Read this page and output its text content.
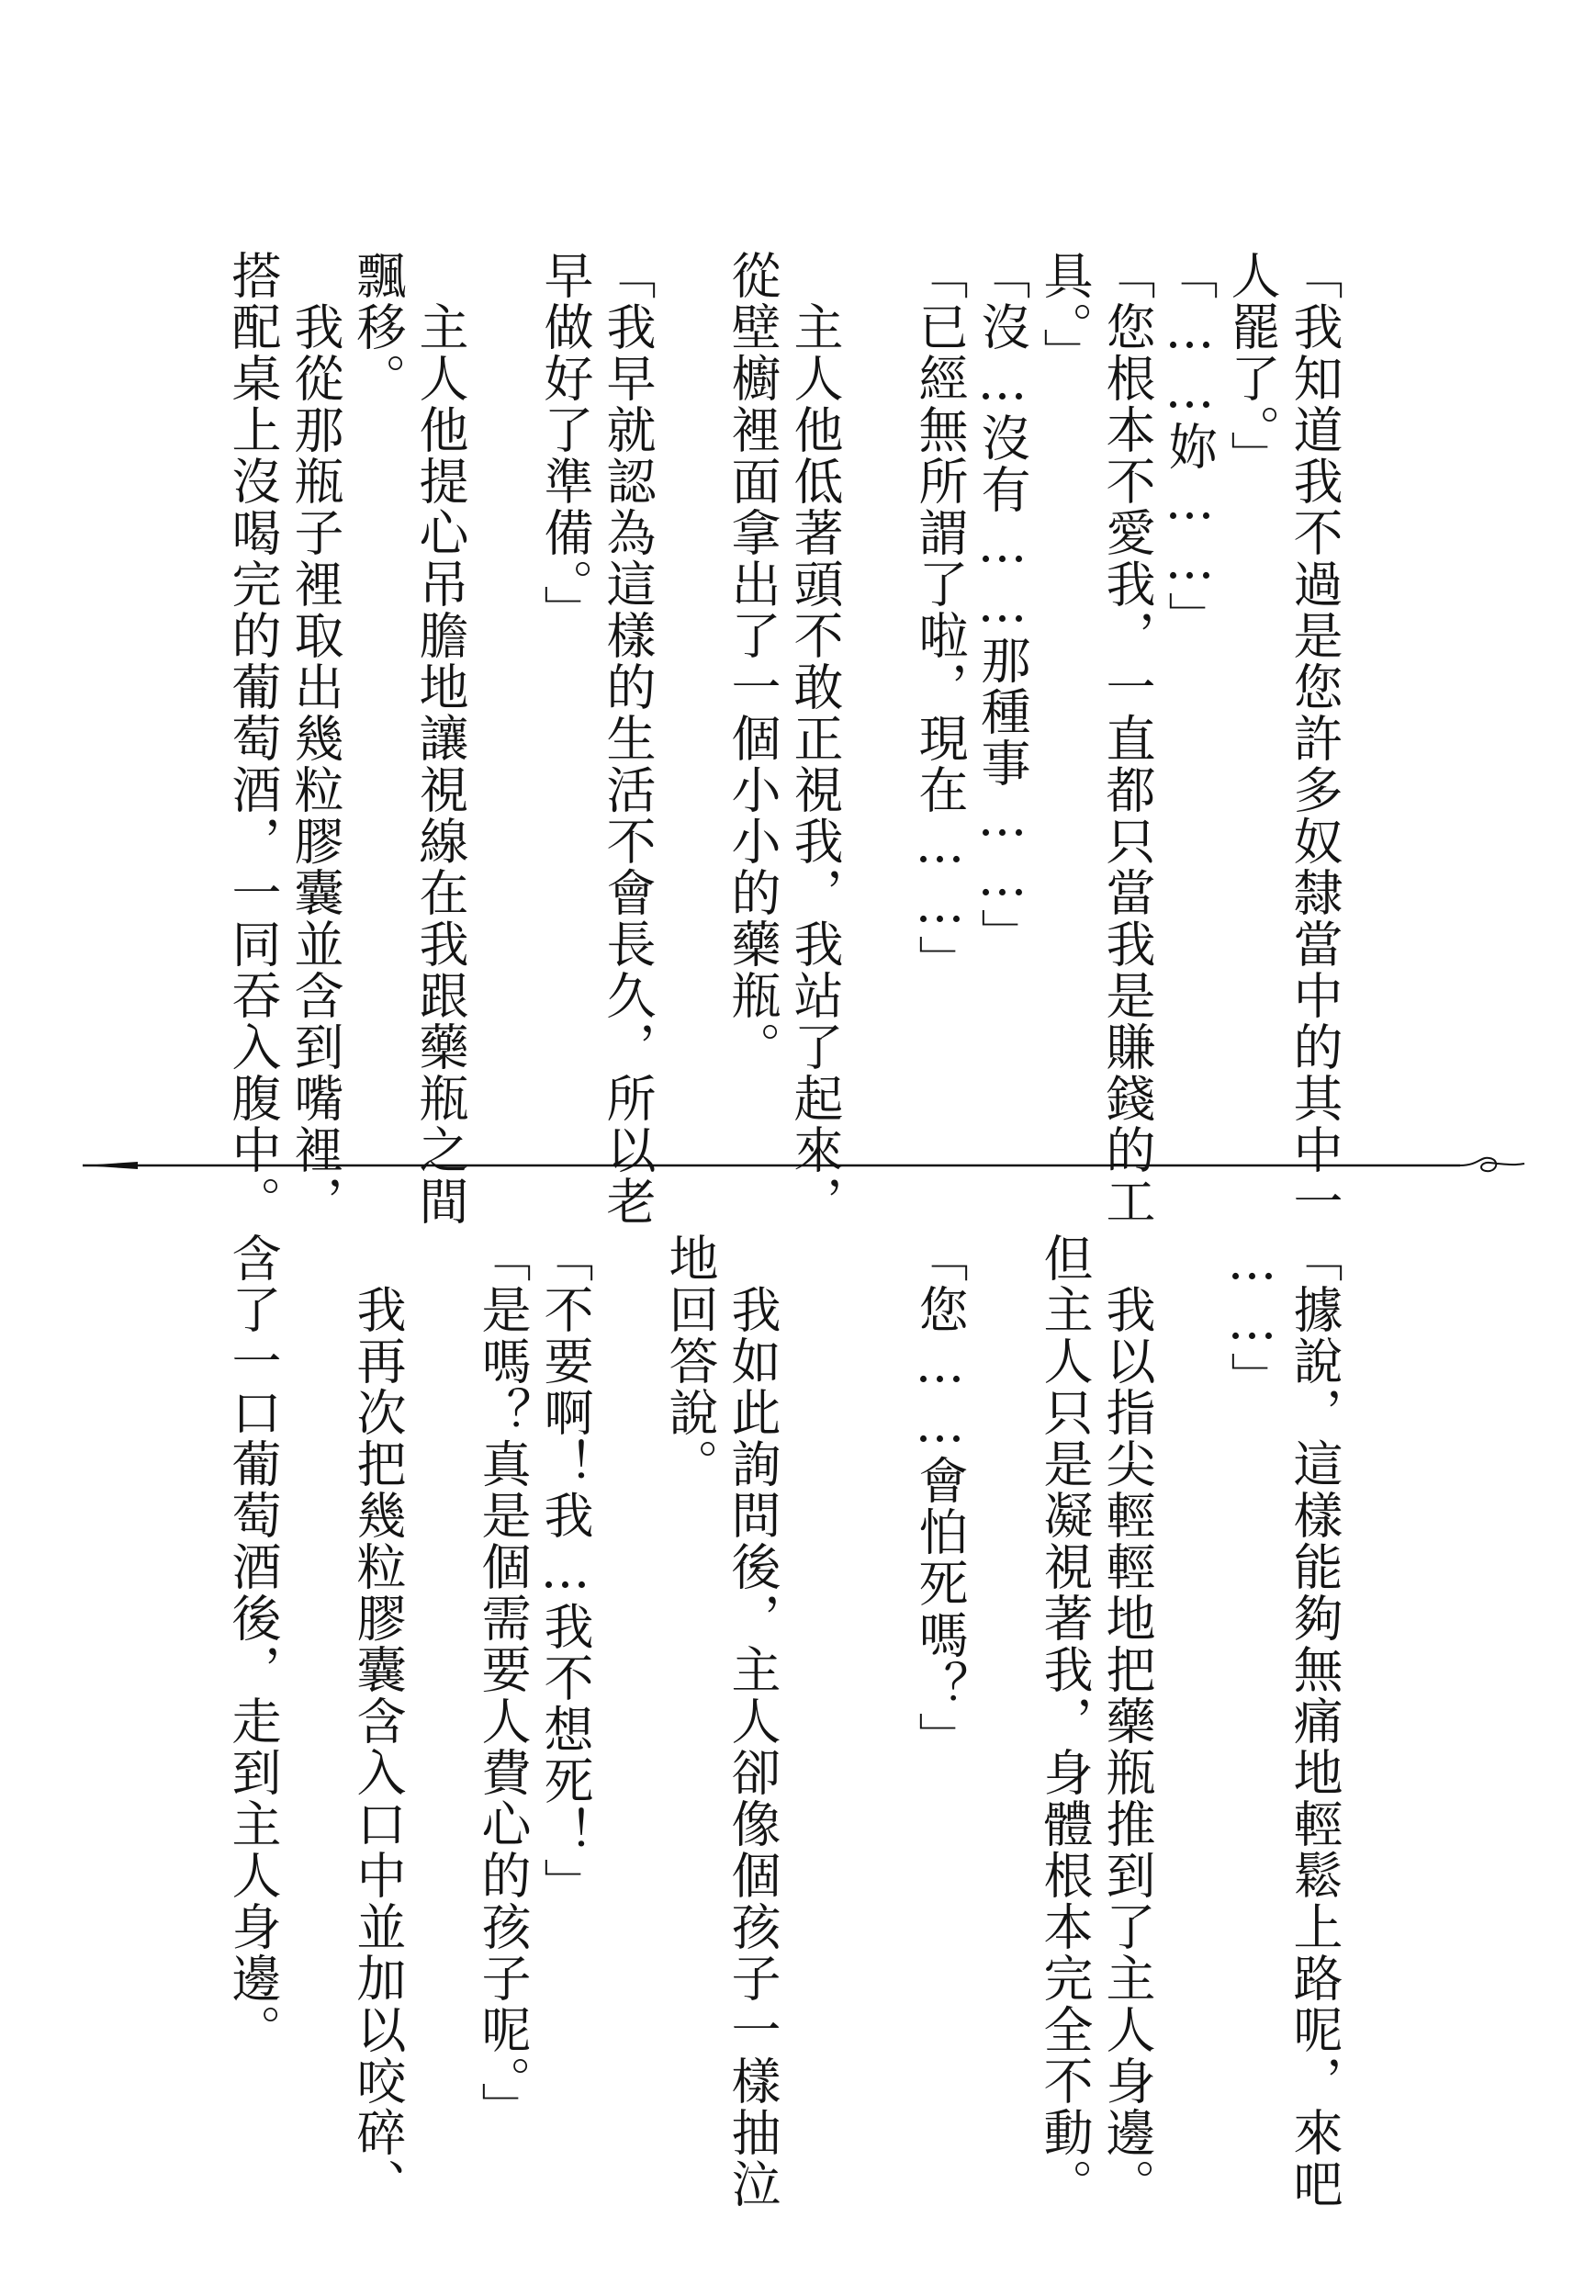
「我知道我不過是您許多奴隸當中的其中一
人罷了。」
「……妳……」
「您根本不愛我，一直都只當我是賺錢的工
具。」
「沒…沒有……那種事……」
「已經無所謂了啦，現在……」
　主人他低著頭不敢正視我，我站了起來，
從壁櫥裡面拿出了一個小小的藥瓶。
「我早就認為這樣的生活不會長久，所以老
早做好了準備。」
　主人他提心吊膽地讓視線在我跟藥瓶之間
飄移。
　我從那瓶子裡取出幾粒膠囊並含到嘴裡，
搭配桌上沒喝完的葡萄酒，一同吞入腹中。
「據說，這樣能夠無痛地輕鬆上路呢，來吧
……」
　我以指尖輕輕地把藥瓶推到了主人身邊。
但主人只是凝視著我，身體根本完全不動。
「您……會怕死嗎？」
　我如此詢問後，主人卻像個孩子一樣抽泣
地回答說。
「不要啊！我…我不想死！」
「是嗎？真是個需要人費心的孩子呢。」
　我再次把幾粒膠囊含入口中並加以咬碎、
含了一口葡萄酒後，走到主人身邊。
